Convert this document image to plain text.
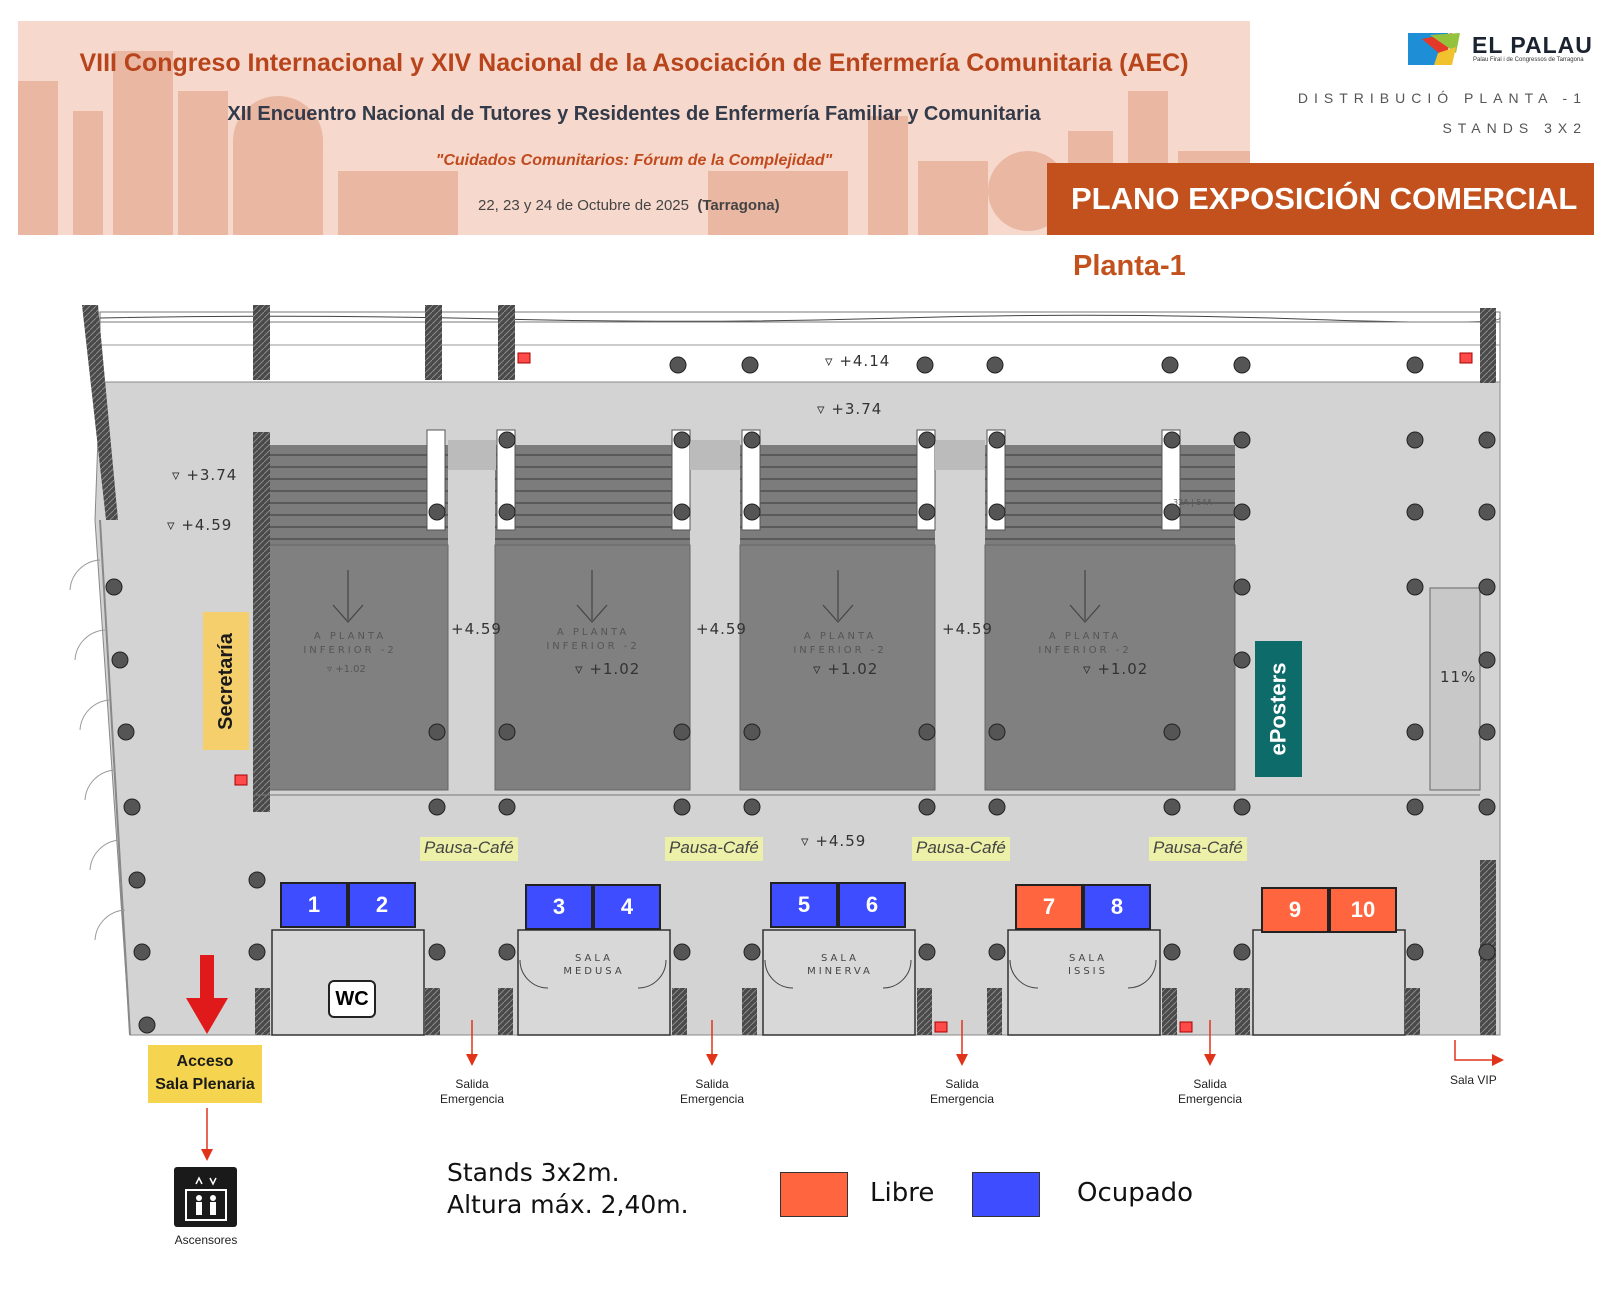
VIII Congreso Internacional y XIV Nacional de la Asociación de Enfermería Comunitaria (AEC)
XII Encuentro Nacional de Tutores y Residentes de Enfermería Familiar y Comunitaria
"Cuidados Comunitarios: Fórum de la Complejidad"
22, 23 y 24 de Octubre de 2025 (Tarragona)
EL PALAU
Palau Firal i de Congressos de Tarragona
DISTRIBUCIÓ PLANTA -1
STANDS 3X2
PLANO EXPOSICIÓN COMERCIAL
Planta-1
▿ +4.14
▿ +3.74
▿ +3.74
▿ +4.59
+4.59	+4.59	+4.59
▿ +4.59
11%
▿ +1.02	▿ +1.02	▿ +1.02	▿ +1.02
32A | 54A
A PLANTA
INFERIOR -2
A PLANTA
INFERIOR -2
A PLANTA
INFERIOR -2
A PLANTA
INFERIOR -2
Secretaría	ePosters
Pausa-Café	Pausa-Café	Pausa-Café	Pausa-Café
1	2	3	4	5	6	7	8	9	10
SALA
MEDUSA
SALA
MINERVA
SALA
ISSIS
WC
Acceso
Sala Plenaria	Salida
Emergencia
Salida
Emergencia
Salida
Emergencia
Salida
Emergencia
Sala VIP
Ascensores
Stands 3x2m.
Altura máx. 2,40m.	Libre	Ocupado
